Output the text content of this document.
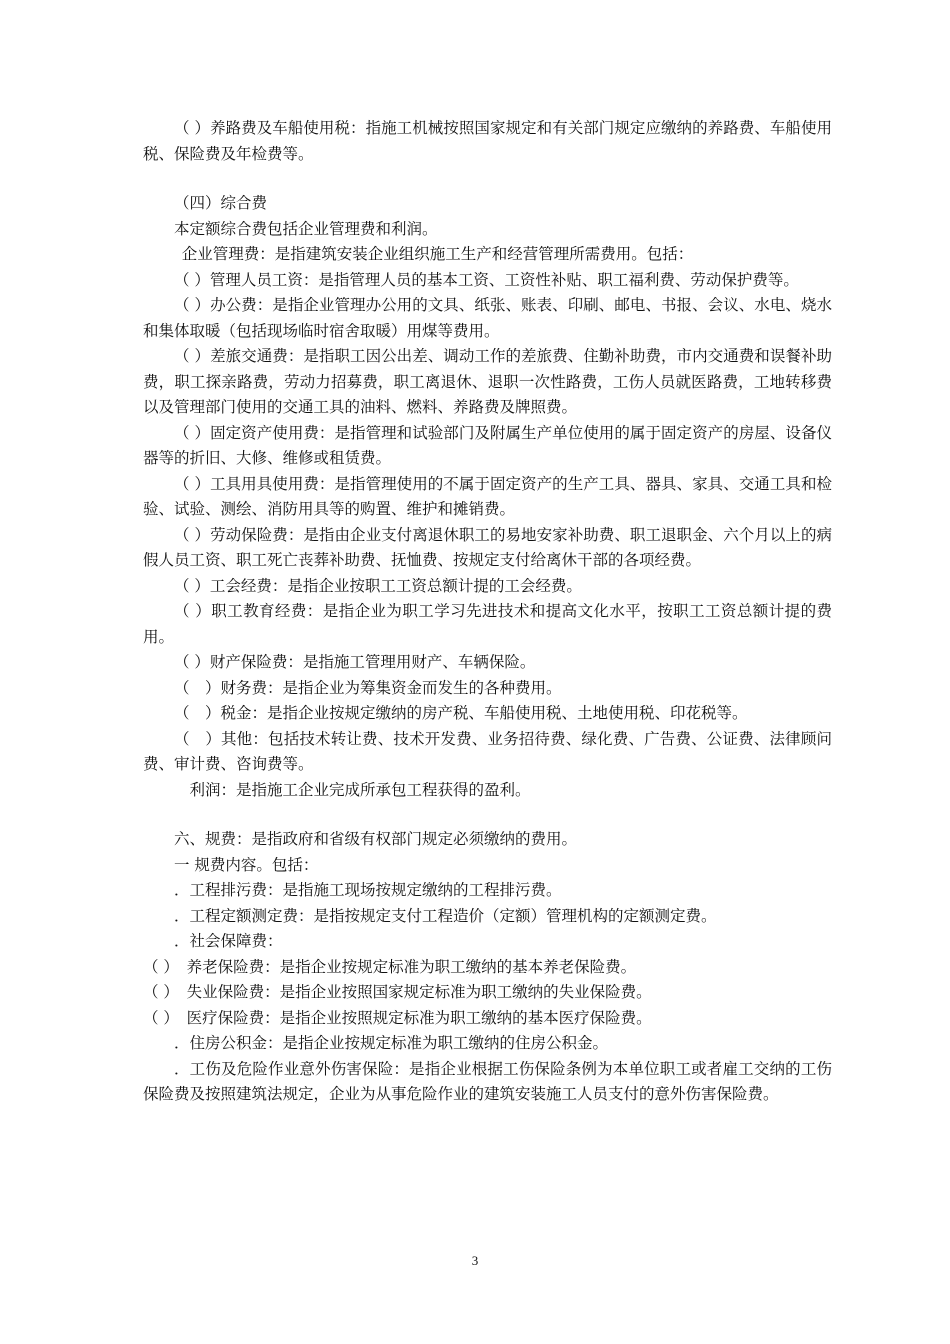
（ ）养路费及车船使用税：指施工机械按照国家规定和有关部门规定应缴纳的养路费、车船使用税、保险费及年检费等。

（四）综合费

本定额综合费包括企业管理费和利润。

企业管理费：是指建筑安装企业组织施工生产和经营管理所需费用。包括：

（ ）管理人员工资：是指管理人员的基本工资、工资性补贴、职工福利费、劳动保护费等。

（ ）办公费：是指企业管理办公用的文具、纸张、账表、印刷、邮电、书报、会议、水电、烧水和集体取暖（包括现场临时宿舍取暖）用煤等费用。

（ ）差旅交通费：是指职工因公出差、调动工作的差旅费、住勤补助费，市内交通费和误餐补助费，职工探亲路费，劳动力招募费，职工离退休、退职一次性路费，工伤人员就医路费，工地转移费以及管理部门使用的交通工具的油料、燃料、养路费及牌照费。

（ ）固定资产使用费：是指管理和试验部门及附属生产单位使用的属于固定资产的房屋、设备仪器等的折旧、大修、维修或租赁费。

（ ）工具用具使用费：是指管理使用的不属于固定资产的生产工具、器具、家具、交通工具和检验、试验、测绘、消防用具等的购置、维护和摊销费。

（ ）劳动保险费：是指由企业支付离退休职工的易地安家补助费、职工退职金、六个月以上的病假人员工资、职工死亡丧葬补助费、抚恤费、按规定支付给离休干部的各项经费。

（ ）工会经费：是指企业按职工工资总额计提的工会经费。

（ ）职工教育经费：是指企业为职工学习先进技术和提高文化水平，按职工工资总额计提的费用。

（ ）财产保险费：是指施工管理用财产、车辆保险。

（　）财务费：是指企业为筹集资金而发生的各种费用。

（　）税金：是指企业按规定缴纳的房产税、车船使用税、土地使用税、印花税等。

（　）其他：包括技术转让费、技术开发费、业务招待费、绿化费、广告费、公证费、法律顾问费、审计费、咨询费等。

利润：是指施工企业完成所承包工程获得的盈利。

六、规费：是指政府和省级有权部门规定必须缴纳的费用。

一 规费内容。包括：

．工程排污费：是指施工现场按规定缴纳的工程排污费。

．工程定额测定费：是指按规定支付工程造价（定额）管理机构的定额测定费。

．社会保障费：

（ ）　养老保险费：是指企业按规定标准为职工缴纳的基本养老保险费。

（ ）　失业保险费：是指企业按照国家规定标准为职工缴纳的失业保险费。

（ ）　医疗保险费：是指企业按照规定标准为职工缴纳的基本医疗保险费。

．住房公积金：是指企业按规定标准为职工缴纳的住房公积金。

．工伤及危险作业意外伤害保险：是指企业根据工伤保险条例为本单位职工或者雇工交纳的工伤保险费及按照建筑法规定，企业为从事危险作业的建筑安装施工人员支付的意外伤害保险费。

3
